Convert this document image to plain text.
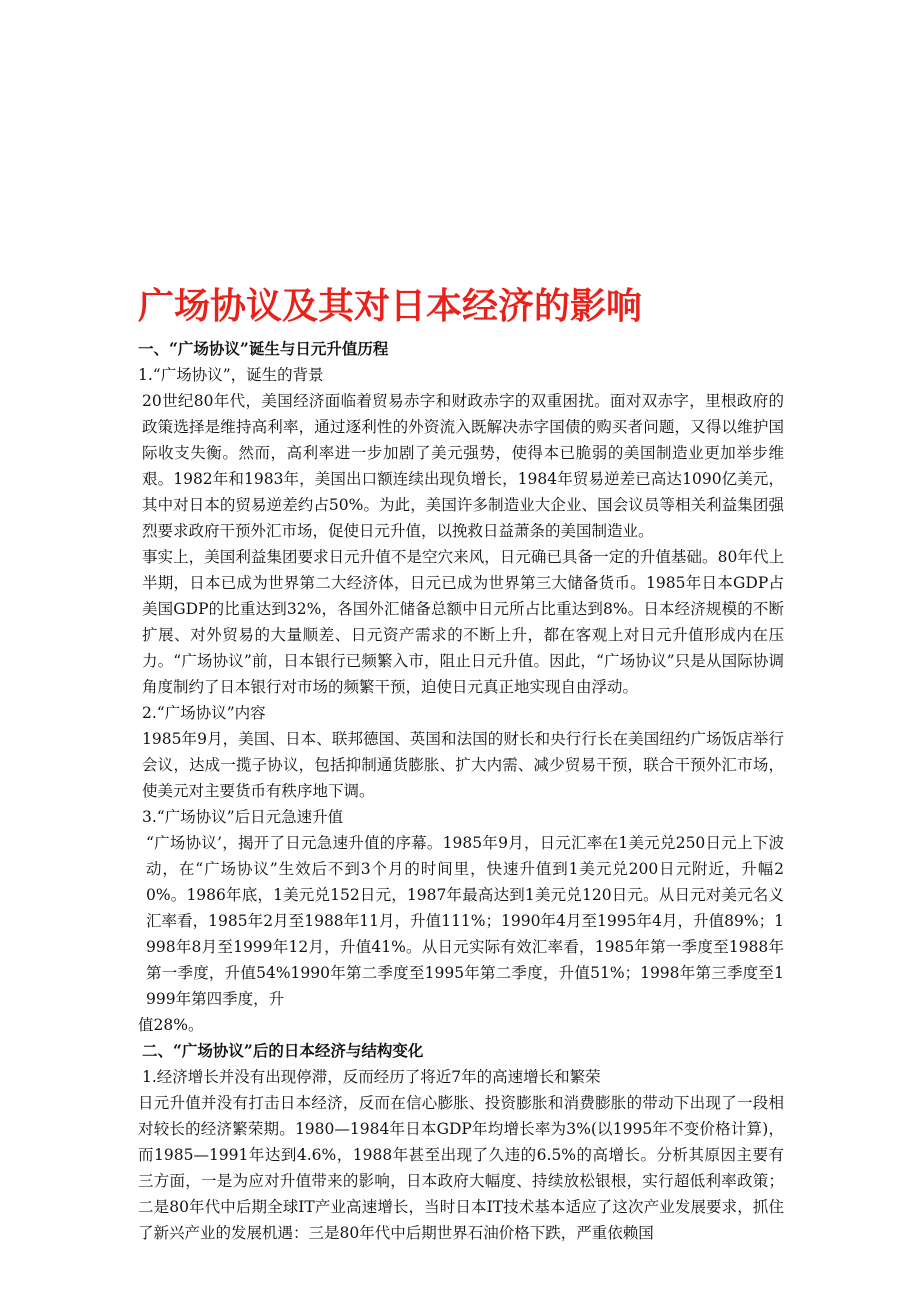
广场协议及其对日本经济的影响
一、“广场协议”诞生与日元升值历程
1.“广场协议”，诞生的背景

20世纪80年代，美国经济面临着贸易赤字和财政赤字的双重困扰。面对双赤字，里根政府的政策选择是维持高利率，通过逐利性的外资流入既解决赤字国债的购买者问题，又得以维护国际收支失衡。然而，高利率进一步加剧了美元强势，使得本已脆弱的美国制造业更加举步维艰。1982年和1983年，美国出口额连续出现负增长，1984年贸易逆差已高达1090亿美元，其中对日本的贸易逆差约占50%。为此，美国许多制造业大企业、国会议员等相关利益集团强烈要求政府干预外汇市场，促使日元升值，以挽救日益萧条的美国制造业。

事实上，美国利益集团要求日元升值不是空穴来风，日元确已具备一定的升值基础。80年代上半期，日本已成为世界第二大经济体，日元已成为世界第三大储备货币。1985年日本GDP占美国GDP的比重达到32%，各国外汇储备总额中日元所占比重达到8%。日本经济规模的不断扩展、对外贸易的大量顺差、日元资产需求的不断上升，都在客观上对日元升值形成内在压力。“广场协议”前，日本银行已频繁入市，阻止日元升值。因此，“广场协议”只是从国际协调角度制约了日本银行对市场的频繁干预，迫使日元真正地实现自由浮动。

2.“广场协议”内容

1985年9月，美国、日本、联邦德国、英国和法国的财长和央行行长在美国纽约广场饭店举行会议，达成一揽子协议，包括抑制通货膨胀、扩大内需、减少贸易干预，联合干预外汇市场，使美元对主要货币有秩序地下调。

3.“广场协议”后日元急速升值

“广场协议’，揭开了日元急速升值的序幕。1985年9月，日元汇率在1美元兑250日元上下波动，在“广场协议”生效后不到3个月的时间里，快速升值到1美元兑200日元附近，升幅20%。1986年底，1美元兑152日元，1987年最高达到1美元兑120日元。从日元对美元名义汇率看，1985年2月至1988年11月，升值111%；1990年4月至1995年4月，升值89%；1998年8月至1999年12月，升值41%。从日元实际有效汇率看，1985年第一季度至1988年第一季度，升值54%1990年第二季度至1995年第二季度，升值51%；1998年第三季度至1999年第四季度，升

值28%。

二、“广场协议”后的日本经济与结构变化
1.经济增长并没有出现停滞，反而经历了将近7年的高速增长和繁荣

日元升值并没有打击日本经济，反而在信心膨胀、投资膨胀和消费膨胀的带动下出现了一段相对较长的经济繁荣期。1980—1984年日本GDP年均增长率为3%(以1995年不变价格计算)，而1985—1991年达到4.6%，1988年甚至出现了久违的6.5%的高增长。分析其原因主要有三方面，一是为应对升值带来的影响，日本政府大幅度、持续放松银根，实行超低利率政策；二是80年代中后期全球IT产业高速增长，当时日本IT技术基本适应了这次产业发展要求，抓住了新兴产业的发展机遇：三是80年代中后期世界石油价格下跌，严重依赖国
